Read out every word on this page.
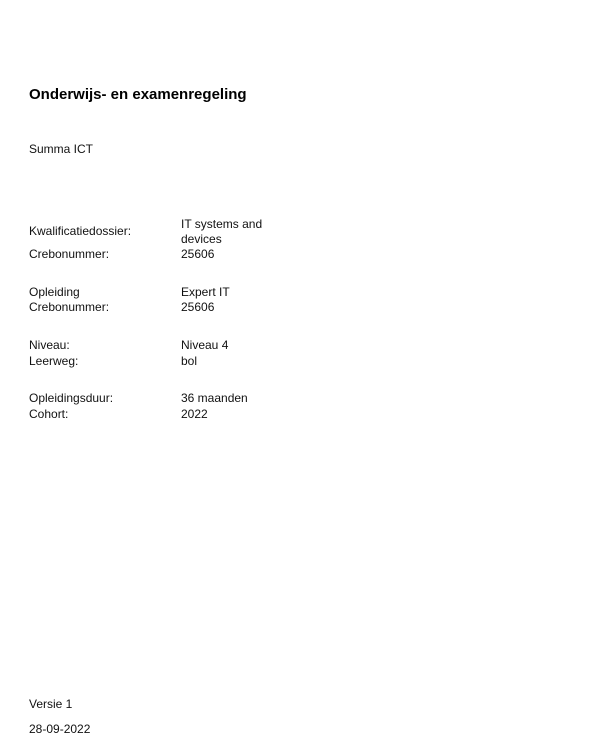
Onderwijs- en examenregeling
Summa ICT
Kwalificatiedossier:	IT systems and devices
Crebonummer:	25606
Opleiding	Expert IT
Crebonummer:	25606
Niveau:	Niveau 4
Leerweg:	bol
Opleidingsduur:	36 maanden
Cohort:	2022
Versie 1
28-09-2022
